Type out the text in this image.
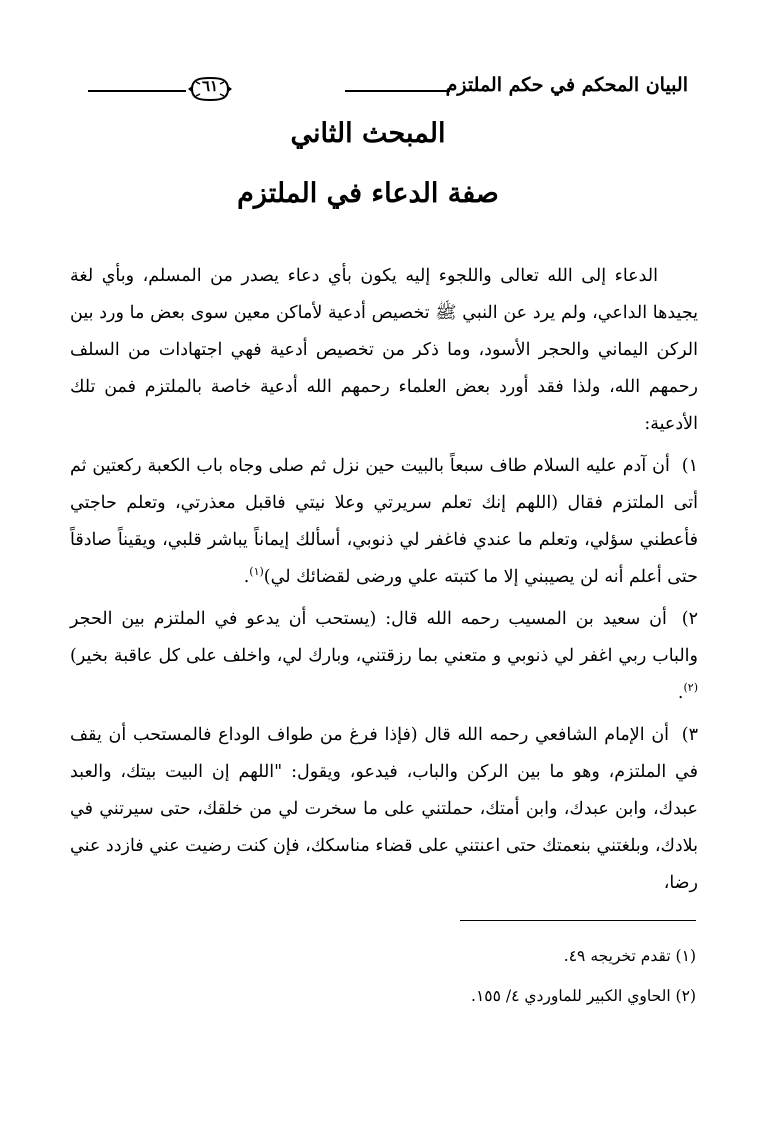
البيان المحكم في حكم الملتزم
٦١
المبحث الثاني
صفة الدعاء في الملتزم

الدعاء إلى الله تعالى واللجوء إليه يكون بأي دعاء يصدر من المسلم، وبأي لغة يجيدها الداعي، ولم يرد عن النبي ﷺ تخصيص أدعية لأماكن معين سوى بعض ما ورد بين الركن اليماني والحجر الأسود، وما ذكر من تخصيص أدعية فهي اجتهادات من السلف رحمهم الله، ولذا فقد أورد بعض العلماء رحمهم الله أدعية خاصة بالملتزم فمن تلك الأدعية:

١) أن آدم عليه السلام طاف سبعاً بالبيت حين نزل ثم صلى وجاه باب الكعبة ركعتين ثم أتى الملتزم فقال (اللهم إنك تعلم سريرتي وعلا نيتي فاقبل معذرتي، وتعلم حاجتي فأعطني سؤلي، وتعلم ما عندي فاغفر لي ذنوبي، أسألك إيماناً يباشر قلبي، ويقيناً صادقاً حتى أعلم أنه لن يصيبني إلا ما كتبته علي ورضى لقضائك لي)$^{(١)}$.

٢) أن سعيد بن المسيب رحمه الله قال: (يستحب أن يدعو في الملتزم بين الحجر والباب ربي اغفر لي ذنوبي و متعني بما رزقتني، وبارك لي، واخلف على كل عاقبة بخير)$^{(٢)}$.

٣) أن الإمام الشافعي رحمه الله قال (فإذا فرغ من طواف الوداع فالمستحب أن يقف في الملتزم، وهو ما بين الركن والباب، فيدعو، ويقول: "اللهم إن البيت بيتك، والعبد عبدك، وابن عبدك، وابن أمتك، حملتني على ما سخرت لي من خلقك، حتى سيرتني في بلادك، وبلغتني بنعمتك حتى اعنتني على قضاء مناسكك، فإن كنت رضيت عني فازدد عني رضا،

(١) تقدم تخريجه ٤٩.
(٢) الحاوي الكبير للماوردي ٤/ ١٥٥.
